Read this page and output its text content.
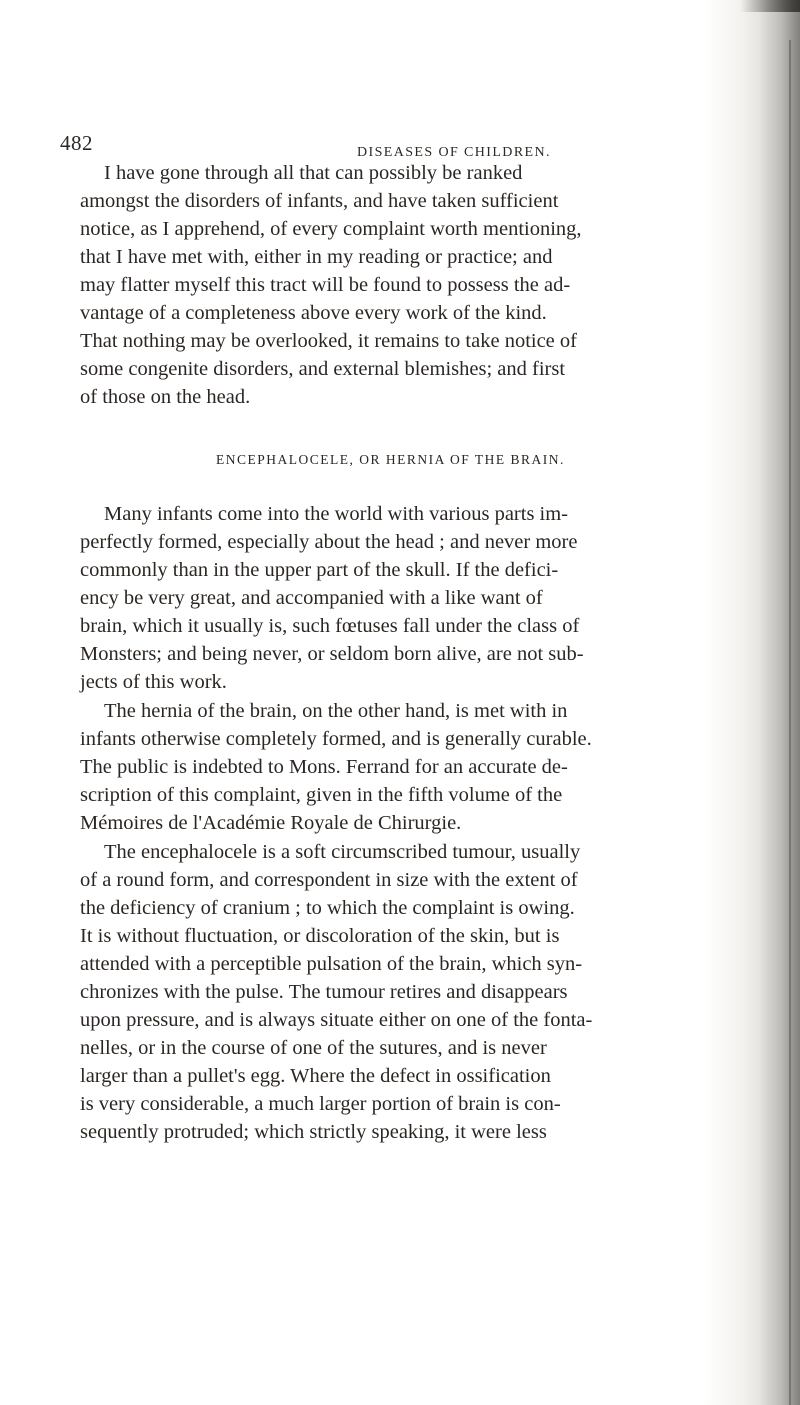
482	DISEASES OF CHILDREN.
I have gone through all that can possibly be ranked
amongst the disorders of infants, and have taken sufficient
notice, as I apprehend, of every complaint worth mentioning,
that I have met with, either in my reading or practice; and
may flatter myself this tract will be found to possess the ad-
vantage of a completeness above every work of the kind.
That nothing may be overlooked, it remains to take notice of
some congenite disorders, and external blemishes; and first
of those on the head.
ENCEPHALOCELE, OR HERNIA OF THE BRAIN.
Many infants come into the world with various parts im-
perfectly formed, especially about the head ; and never more
commonly than in the upper part of the skull. If the defici-
ency be very great, and accompanied with a like want of
brain, which it usually is, such fœtuses fall under the class of
Monsters; and being never, or seldom born alive, are not sub-
jects of this work.
The hernia of the brain, on the other hand, is met with in
infants otherwise completely formed, and is generally curable.
The public is indebted to Mons. Ferrand for an accurate de-
scription of this complaint, given in the fifth volume of the
Mémoires de l'Académie Royale de Chirurgie.
The encephalocele is a soft circumscribed tumour, usually
of a round form, and correspondent in size with the extent of
the deficiency of cranium ; to which the complaint is owing.
It is without fluctuation, or discoloration of the skin, but is
attended with a perceptible pulsation of the brain, which syn-
chronizes with the pulse. The tumour retires and disappears
upon pressure, and is always situate either on one of the fonta-
nelles, or in the course of one of the sutures, and is never
larger than a pullet's egg. Where the defect in ossification
is very considerable, a much larger portion of brain is con-
sequently protruded; which strictly speaking, it were less
